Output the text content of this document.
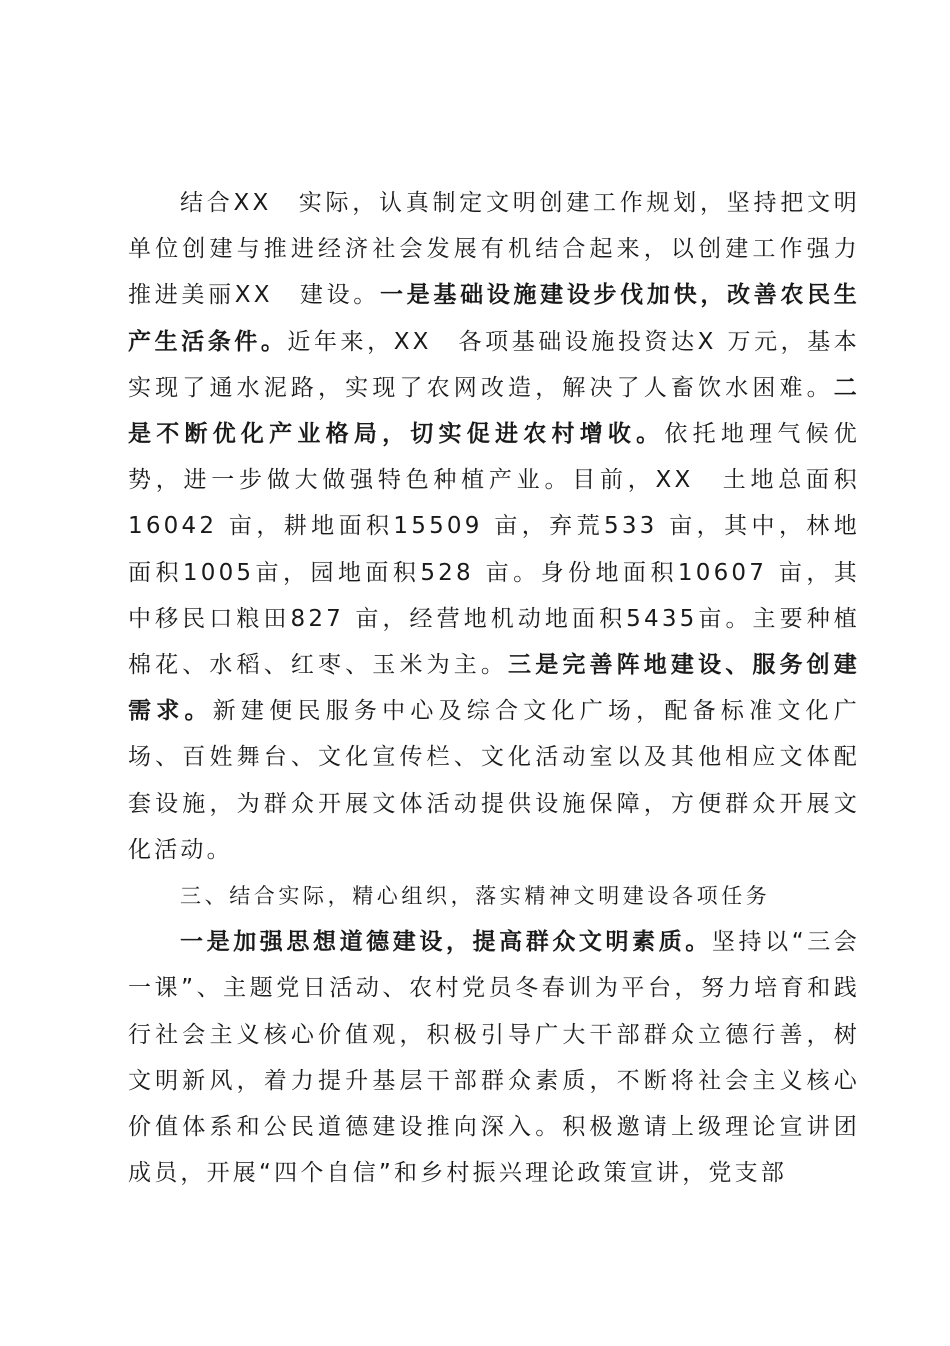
结合XX　实际，认真制定文明创建工作规划，坚持把文明单位创建与推进经济社会发展有机结合起来，以创建工作强力推进美丽XX　建设。一是基础设施建设步伐加快，改善农民生产生活条件。近年来，XX　各项基础设施投资达X 万元，基本实现了通水泥路，实现了农网改造，解决了人畜饮水困难。二是不断优化产业格局，切实促进农村增收。依托地理气候优势，进一步做大做强特色种植产业。目前，XX　土地总面积16042 亩，耕地面积15509 亩，弃荒533 亩，其中，林地面积1005亩，园地面积528 亩。身份地面积10607 亩，其中移民口粮田827 亩，经营地机动地面积5435亩。主要种植棉花、水稻、红枣、玉米为主。三是完善阵地建设、服务创建需求。新建便民服务中心及综合文化广场，配备标准文化广场、百姓舞台、文化宣传栏、文化活动室以及其他相应文体配套设施，为群众开展文体活动提供设施保障，方便群众开展文化活动。

三、结合实际，精心组织，落实精神文明建设各项任务

一是加强思想道德建设，提高群众文明素质。坚持以“三会一课”、主题党日活动、农村党员冬春训为平台，努力培育和践行社会主义核心价值观，积极引导广大干部群众立德行善，树文明新风，着力提升基层干部群众素质，不断将社会主义核心价值体系和公民道德建设推向深入。积极邀请上级理论宣讲团成员，开展“四个自信”和乡村振兴理论政策宣讲，党支部
